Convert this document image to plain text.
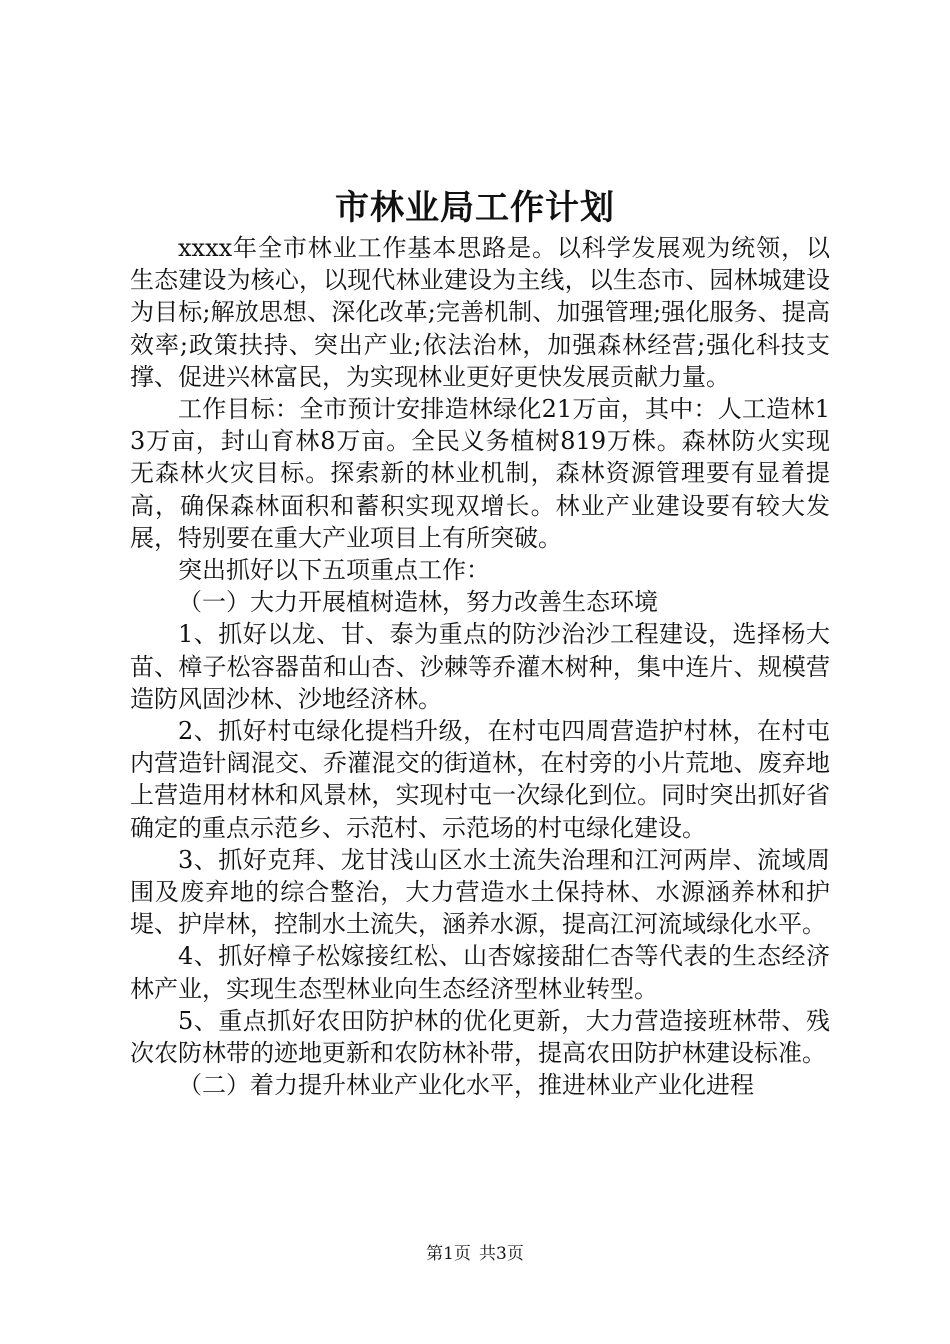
市林业局工作计划

xxxx年全市林业工作基本思路是。以科学发展观为统领，以生态建设为核心，以现代林业建设为主线，以生态市、园林城建设为目标;解放思想、深化改革;完善机制、加强管理;强化服务、提高效率;政策扶持、突出产业;依法治林，加强森林经营;强化科技支撑、促进兴林富民，为实现林业更好更快发展贡献力量。

工作目标：全市预计安排造林绿化21万亩，其中：人工造林13万亩，封山育林8万亩。全民义务植树819万株。森林防火实现无森林火灾目标。探索新的林业机制，森林资源管理要有显着提高，确保森林面积和蓄积实现双增长。林业产业建设要有较大发展，特别要在重大产业项目上有所突破。

突出抓好以下五项重点工作：

（一）大力开展植树造林，努力改善生态环境

1、抓好以龙、甘、泰为重点的防沙治沙工程建设，选择杨大苗、樟子松容器苗和山杏、沙棘等乔灌木树种，集中连片、规模营造防风固沙林、沙地经济林。

2、抓好村屯绿化提档升级，在村屯四周营造护村林，在村屯内营造针阔混交、乔灌混交的街道林，在村旁的小片荒地、废弃地上营造用材林和风景林，实现村屯一次绿化到位。同时突出抓好省确定的重点示范乡、示范村、示范场的村屯绿化建设。

3、抓好克拜、龙甘浅山区水土流失治理和江河两岸、流域周围及废弃地的综合整治，大力营造水土保持林、水源涵养林和护堤、护岸林，控制水土流失，涵养水源，提高江河流域绿化水平。

4、抓好樟子松嫁接红松、山杏嫁接甜仁杏等代表的生态经济林产业，实现生态型林业向生态经济型林业转型。

5、重点抓好农田防护林的优化更新，大力营造接班林带、残次农防林带的迹地更新和农防林补带，提高农田防护林建设标准。

（二）着力提升林业产业化水平，推进林业产业化进程

第1页 共3页
